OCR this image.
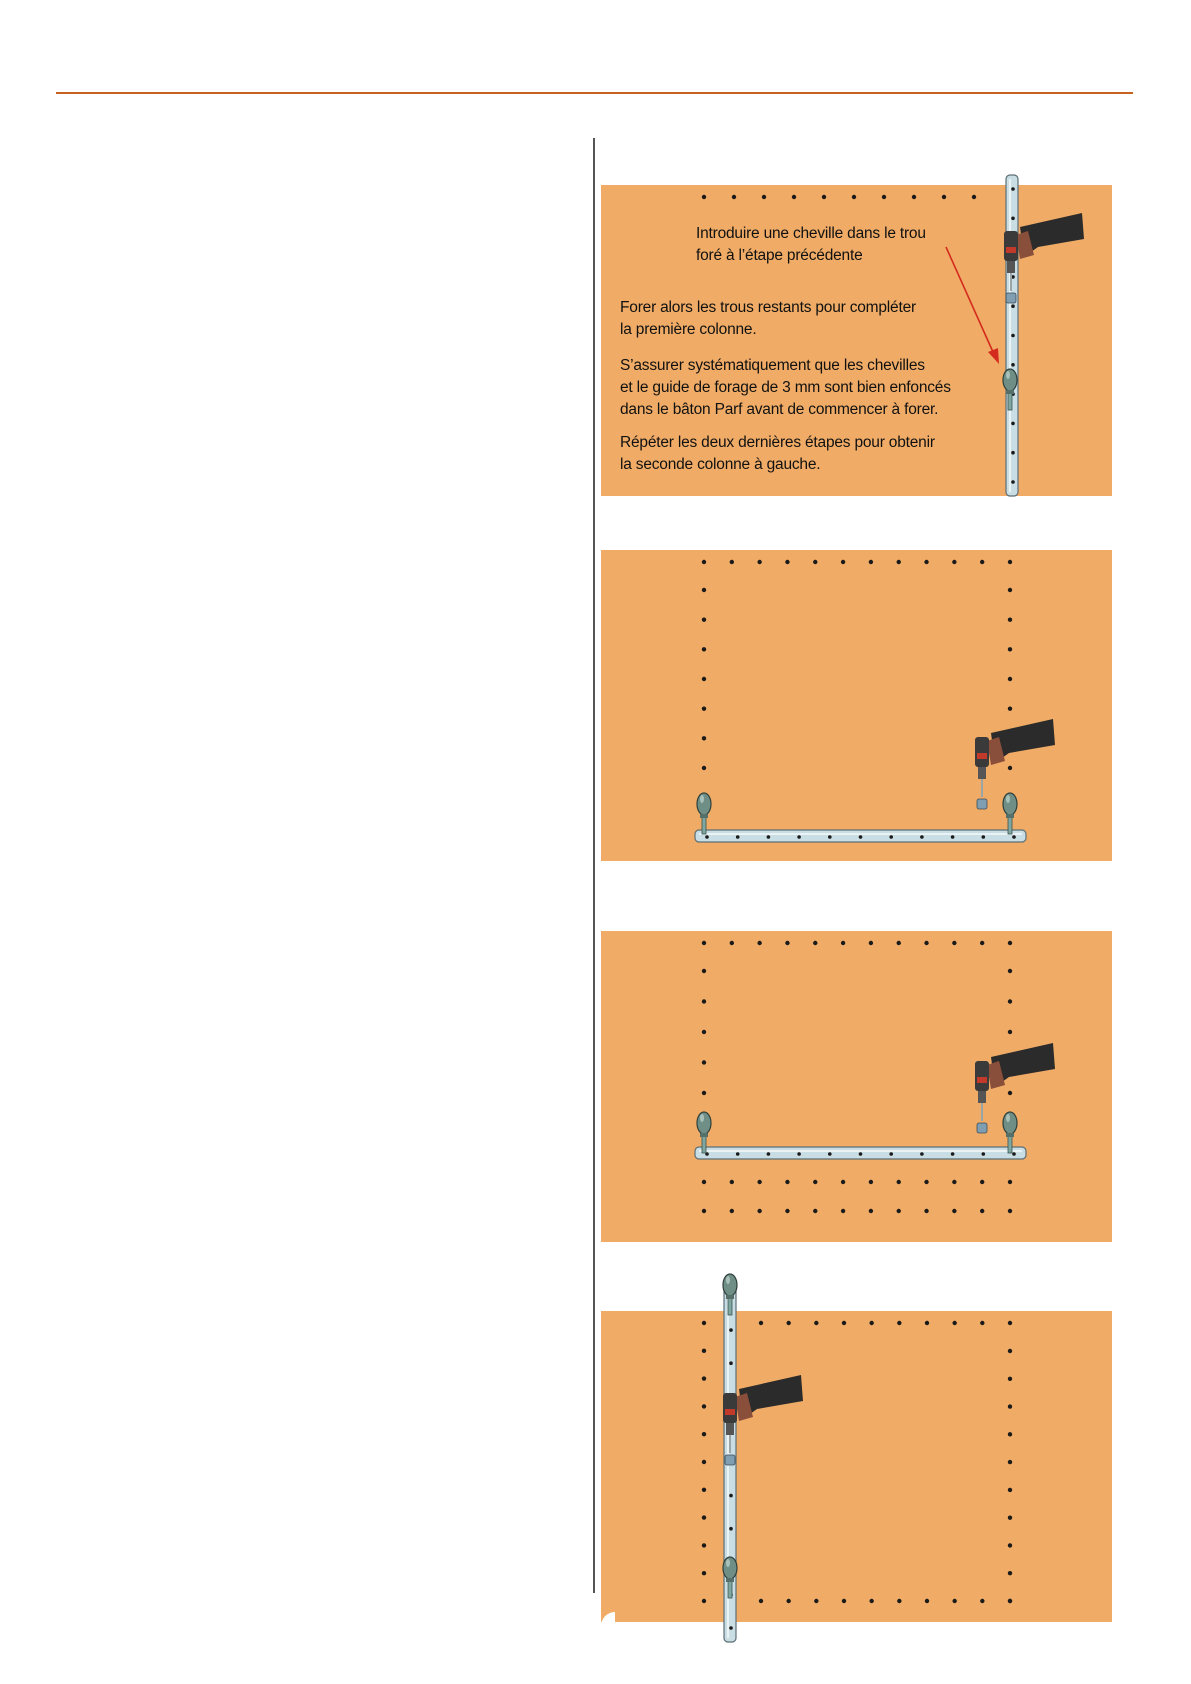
Introduire une cheville dans le trou
foré à l’étape précédente
Forer alors les trous restants pour compléter
la première colonne.
S’assurer systématiquement que les chevilles
et le guide de forage de 3 mm sont bien enfoncés
dans le bâton Parf avant de commencer à forer.
Répéter les deux dernières étapes pour obtenir
la seconde colonne à gauche.
